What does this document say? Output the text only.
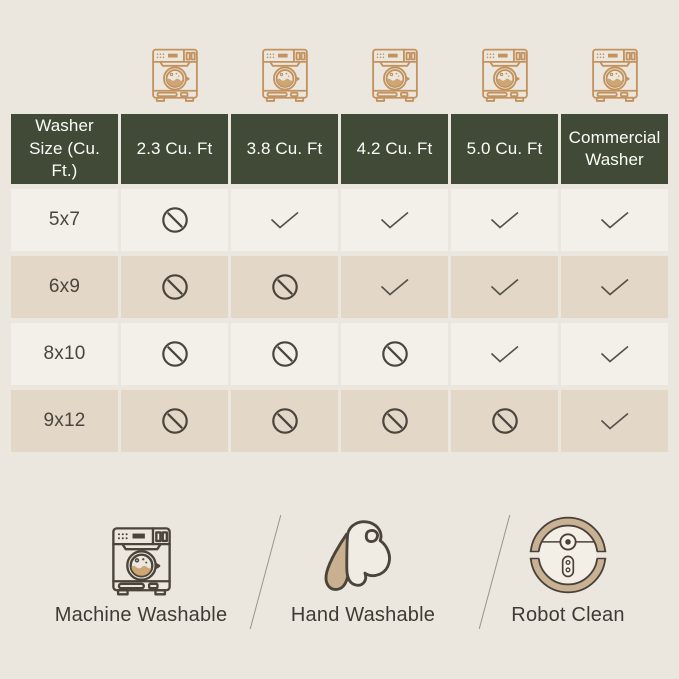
Washer Size (Cu. Ft.)
2.3 Cu. Ft 3.8 Cu. Ft 4.2 Cu. Ft 5.0 Cu. Ft
Commercial Washer
5x7
6x9
8x10
9x12
Machine Washable	Hand Washable	Robot Clean
